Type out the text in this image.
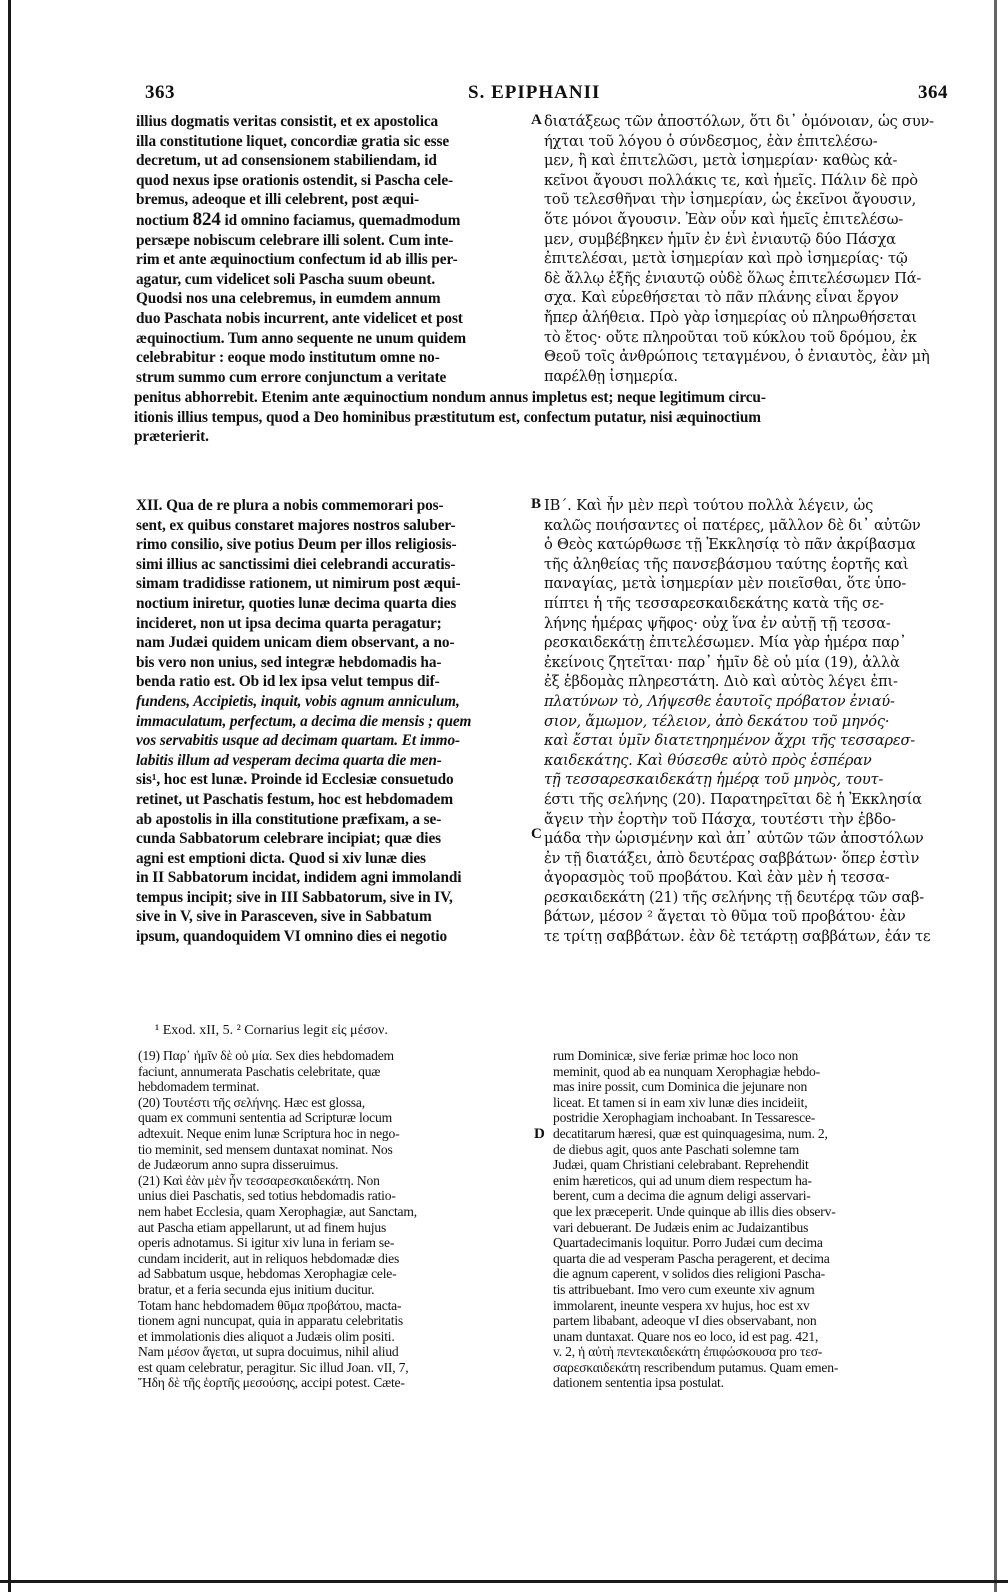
363	S. EPIPHANII	364
illius dogmatis veritas consistit, et ex apostolica
illa constitutione liquet, concordiæ gratia sic esse
decretum, ut ad consensionem stabiliendam, id
quod nexus ipse orationis ostendit, si Pascha cele-
bremus, adeoque et illi celebrent, post æqui-
noctium 824 id omnino faciamus, quemadmodum
persæpe nobiscum celebrare illi solent. Cum inte-
rim et ante æquinoctium confectum id ab illis per-
agatur, cum videlicet soli Pascha suum obeunt.
Quodsi nos una celebremus, in eumdem annum
duo Paschata nobis incurrent, ante videlicet et post
æquinoctium. Tum anno sequente ne unum quidem
celebrabitur : eoque modo institutum omne no-
strum summo cum errore conjunctum a veritate
A διατάξεως τῶν ἀποστόλων, ὅτι δι᾽ ὁμόνοιαν, ὡς συν-
ήχται τοῦ λόγου ὁ σύνδεσμος, ἐὰν ἐπιτελέσω-
μεν, ἢ καὶ ἐπιτελῶσι, μετὰ ἰσημερίαν· καθὼς κἀ-
κεῖνοι ἄγουσι πολλάκις τε, καὶ ἡμεῖς. Πάλιν δὲ πρὸ
τοῦ τελεσθῆναι τὴν ἰσημερίαν, ὡς ἐκεῖνοι ἄγουσιν,
ὅτε μόνοι ἄγουσιν. Ἐὰν οὖν καὶ ἡμεῖς ἐπιτελέσω-
μεν, συμβέβηκεν ἡμῖν ἐν ἑνὶ ἐνιαυτῷ δύο Πάσχα
ἐπιτελέσαι, μετὰ ἰσημερίαν καὶ πρὸ ἰσημερίας· τῷ
δὲ ἄλλῳ ἑξῆς ἐνιαυτῷ οὐδὲ ὅλως ἐπιτελέσωμεν Πά-
σχα. Καὶ εὑρεθήσεται τὸ πᾶν πλάνης εἶναι ἔργον
ἤπερ ἀλήθεια. Πρὸ γὰρ ἰσημερίας οὐ πληρωθήσεται
τὸ ἔτος· οὔτε πληροῦται τοῦ κύκλου τοῦ δρόμου, ἐκ
Θεοῦ τοῖς ἀνθρώποις τεταγμένου, ὁ ἐνιαυτὸς, ἐὰν μὴ
παρέλθῃ ἰσημερία.
penitus abhorrebit. Etenim ante æquinoctium nondum annus impletus est; neque legitimum circu-
itionis illius tempus, quod a Deo hominibus præstitutum est, confectum putatur, nisi æquinoctium
præterierit.
XII. Qua de re plura a nobis commemorari pos-
sent, ex quibus constaret majores nostros saluber-
rimo consilio, sive potius Deum per illos religiosis-
simi illius ac sanctissimi diei celebrandi accuratis-
simam tradidisse rationem, ut nimirum post æqui-
noctium iniretur, quoties lunæ decima quarta dies
incideret, non ut ipsa decima quarta peragatur;
nam Judæi quidem unicam diem observant, a no-
bis vero non unius, sed integræ hebdomadis ha-
benda ratio est. Ob id lex ipsa velut tempus dif-
fundens, Accipietis, inquit, vobis agnum anniculum,
immaculatum, perfectum, a decima die mensis ; quem
vos servabitis usque ad decimam quartam. Et immo-
labitis illum ad vesperam decima quarta die men-
sis¹, hoc est lunæ. Proinde id Ecclesiæ consuetudo
retinet, ut Paschatis festum, hoc est hebdomadem
ab apostolis in illa constitutione præfixam, a se-
cunda Sabbatorum celebrare incipiat; quæ dies
agni est emptioni dicta. Quod si xiv lunæ dies
in II Sabbatorum incidat, indidem agni immolandi
tempus incipit; sive in III Sabbatorum, sive in IV,
sive in V, sive in Parasceven, sive in Sabbatum
ipsum, quandoquidem VI omnino dies ei negotio
B
C
ΙΒ΄. Καὶ ἦν μὲν περὶ τούτου πολλὰ λέγειν, ὡς
καλῶς ποιήσαντες οἱ πατέρες, μᾶλλον δὲ δι᾽ αὐτῶν
ὁ Θεὸς κατώρθωσε τῇ Ἐκκλησίᾳ τὸ πᾶν ἀκρίβασμα
τῆς ἀληθείας τῆς πανσεβάσμου ταύτης ἑορτῆς καὶ
παναγίας, μετὰ ἰσημερίαν μὲν ποιεῖσθαι, ὅτε ὑπο-
πίπτει ἡ τῆς τεσσαρεσκαιδεκάτης κατὰ τῆς σε-
λήνης ἡμέρας ψῆφος· οὐχ ἵνα ἐν αὐτῇ τῇ τεσσα-
ρεσκαιδεκάτῃ ἐπιτελέσωμεν. Μία γὰρ ἡμέρα παρ᾽
ἐκείνοις ζητεῖται· παρ᾽ ἡμῖν δὲ οὐ μία (19), ἀλλὰ
ἐξ ἑβδομὰς πληρεστάτη. Διὸ καὶ αὐτὸς λέγει ἐπι-
πλατύνων τὸ, Λήψεσθε ἑαυτοῖς πρόβατον ἐνιαύ-
σιον, ἄμωμον, τέλειον, ἀπὸ δεκάτου τοῦ μηνός·
καὶ ἔσται ὑμῖν διατετηρημένον ἄχρι τῆς τεσσαρεσ-
καιδεκάτης. Καὶ θύσεσθε αὐτὸ πρὸς ἑσπέραν
τῇ τεσσαρεσκαιδεκάτῃ ἡμέρᾳ τοῦ μηνὸς, τουτ-
έστι τῆς σελήνης (20). Παρατηρεῖται δὲ ἡ Ἐκκλησία
ἄγειν τὴν ἑορτὴν τοῦ Πάσχα, τουτέστι τὴν ἑβδο-
μάδα τὴν ὡρισμένην καὶ ἀπ᾽ αὐτῶν τῶν ἀποστόλων
ἐν τῇ διατάξει, ἀπὸ δευτέρας σαββάτων· ὅπερ ἐστὶν
ἀγορασμὸς τοῦ προβάτου. Καὶ ἐὰν μὲν ἡ τεσσα-
ρεσκαιδεκάτη (21) τῆς σελήνης τῇ δευτέρᾳ τῶν σαβ-
βάτων, μέσον ² ἄγεται τὸ θῦμα τοῦ προβάτου· ἐὰν
τε τρίτῃ σαββάτων. ἐὰν δὲ τετάρτῃ σαββάτων, ἐάν τε
¹ Exod. xII, 5. ² Cornarius legit εἰς μέσον.
(19) Παρ᾽ ἡμῖν δὲ οὐ μία. Sex dies hebdomadem
faciunt, annumerata Paschatis celebritate, quæ
hebdomadem terminat.
(20) Τουτέστι τῆς σελήνης. Hæc est glossa,
quam ex communi sententia ad Scripturæ locum
adtexuit. Neque enim lunæ Scriptura hoc in nego-
tio meminit, sed mensem duntaxat nominat. Nos
de Judæorum anno supra disseruimus.
(21) Καὶ ἐὰν μὲν ἦν τεσσαρεσκαιδεκάτη. Non
unius diei Paschatis, sed totius hebdomadis ratio-
nem habet Ecclesia, quam Xerophagiæ, aut Sanctam,
aut Pascha etiam appellarunt, ut ad finem hujus
operis adnotamus. Si igitur xiv luna in feriam se-
cundam inciderit, aut in reliquos hebdomadæ dies
ad Sabbatum usque, hebdomas Xerophagiæ cele-
bratur, et a feria secunda ejus initium ducitur.
Totam hanc hebdomadem θῦμα προβάτου, macta-
tionem agni nuncupat, quia in apparatu celebritatis
et immolationis dies aliquot a Judæis olim positi.
Nam μέσον ἄγεται, ut supra docuimus, nihil aliud
est quam celebratur, peragitur. Sic illud Joan. vII, 7,
Ἤδη δὲ τῆς ἑορτῆς μεσούσης, accipi potest. Cæte-
D
rum Dominicæ, sive feriæ primæ hoc loco non
meminit, quod ab ea nunquam Xerophagiæ hebdo-
mas inire possit, cum Dominica die jejunare non
liceat. Et tamen si in eam xiv lunæ dies incideiit,
postridie Xerophagiam inchoabant. In Tessaresce-
decatitarum hæresi, quæ est quinquagesima, num. 2,
de diebus agit, quos ante Paschati solemne tam
Judæi, quam Christiani celebrabant. Reprehendit
enim hæreticos, qui ad unum diem respectum ha-
berent, cum a decima die agnum deligi asservari-
que lex præceperit. Unde quinque ab illis dies observ-
vari debuerant. De Judæis enim ac Judaizantibus
Quartadecimanis loquitur. Porro Judæi cum decima
quarta die ad vesperam Pascha peragerent, et decima
die agnum caperent, v solidos dies religioni Pascha-
tis attribuebant. Imo vero cum exeunte xiv agnum
immolarent, ineunte vespera xv hujus, hoc est xv
partem libabant, adeoque vI dies observabant, non
unam duntaxat. Quare nos eo loco, id est pag. 421,
v. 2, ἡ αὐτὴ πεντεκαιδεκάτη ἐπιφώσκουσα pro τεσ-
σαρεσκαιδεκάτη rescribendum putamus. Quam emen-
dationem sententia ipsa postulat.
